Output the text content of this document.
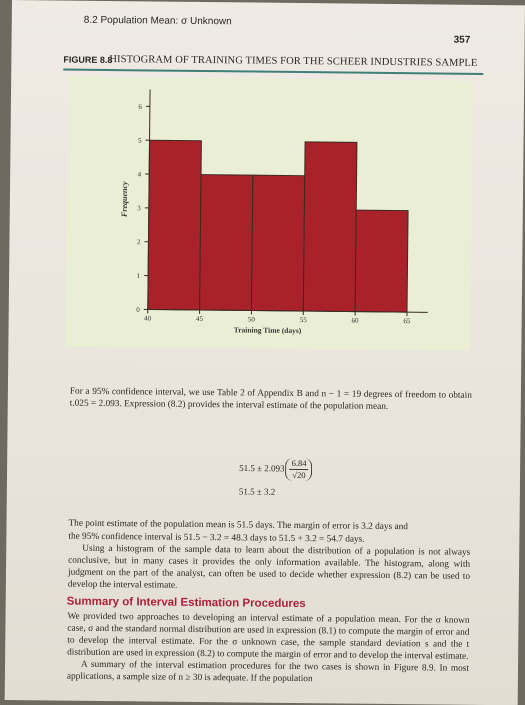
8.2 Population Mean: σ Unknown
357
FIGURE 8.8
HISTOGRAM OF TRAINING TIMES FOR THE SCHEER INDUSTRIES SAMPLE
0
1
2
3
4
5
6
40	45	50	55	60	65
Training Time (days)
Frequency
For a 95% confidence interval, we use Table 2 of Appendix B and n − 1 = 19 degrees of freedom to obtain t.025 = 2.093. Expression (8.2) provides the interval estimate of the population mean.
$51.5 \pm 2.093 \frac{6.84}{√20}$
51.5 ± 3.2
The point estimate of the population mean is 51.5 days. The margin of error is 3.2 days and
the 95% confidence interval is 51.5 − 3.2 = 48.3 days to 51.5 + 3.2 = 54.7 days.
Using a histogram of the sample data to learn about the distribution of a population is not always conclusive, but in many cases it provides the only information available. The histogram, along with judgment on the part of the analyst, can often be used to decide whether expression (8.2) can be used to develop the interval estimate.
Summary of Interval Estimation Procedures
We provided two approaches to developing an interval estimate of a population mean. For the σ known case, σ and the standard normal distribution are used in expression (8.1) to compute the margin of error and to develop the interval estimate. For the σ unknown case, the sample standard deviation s and the t distribution are used in expression (8.2) to compute the margin of error and to develop the interval estimate.
A summary of the interval estimation procedures for the two cases is shown in Figure 8.9. In most applications, a sample size of n ≥ 30 is adequate. If the population
